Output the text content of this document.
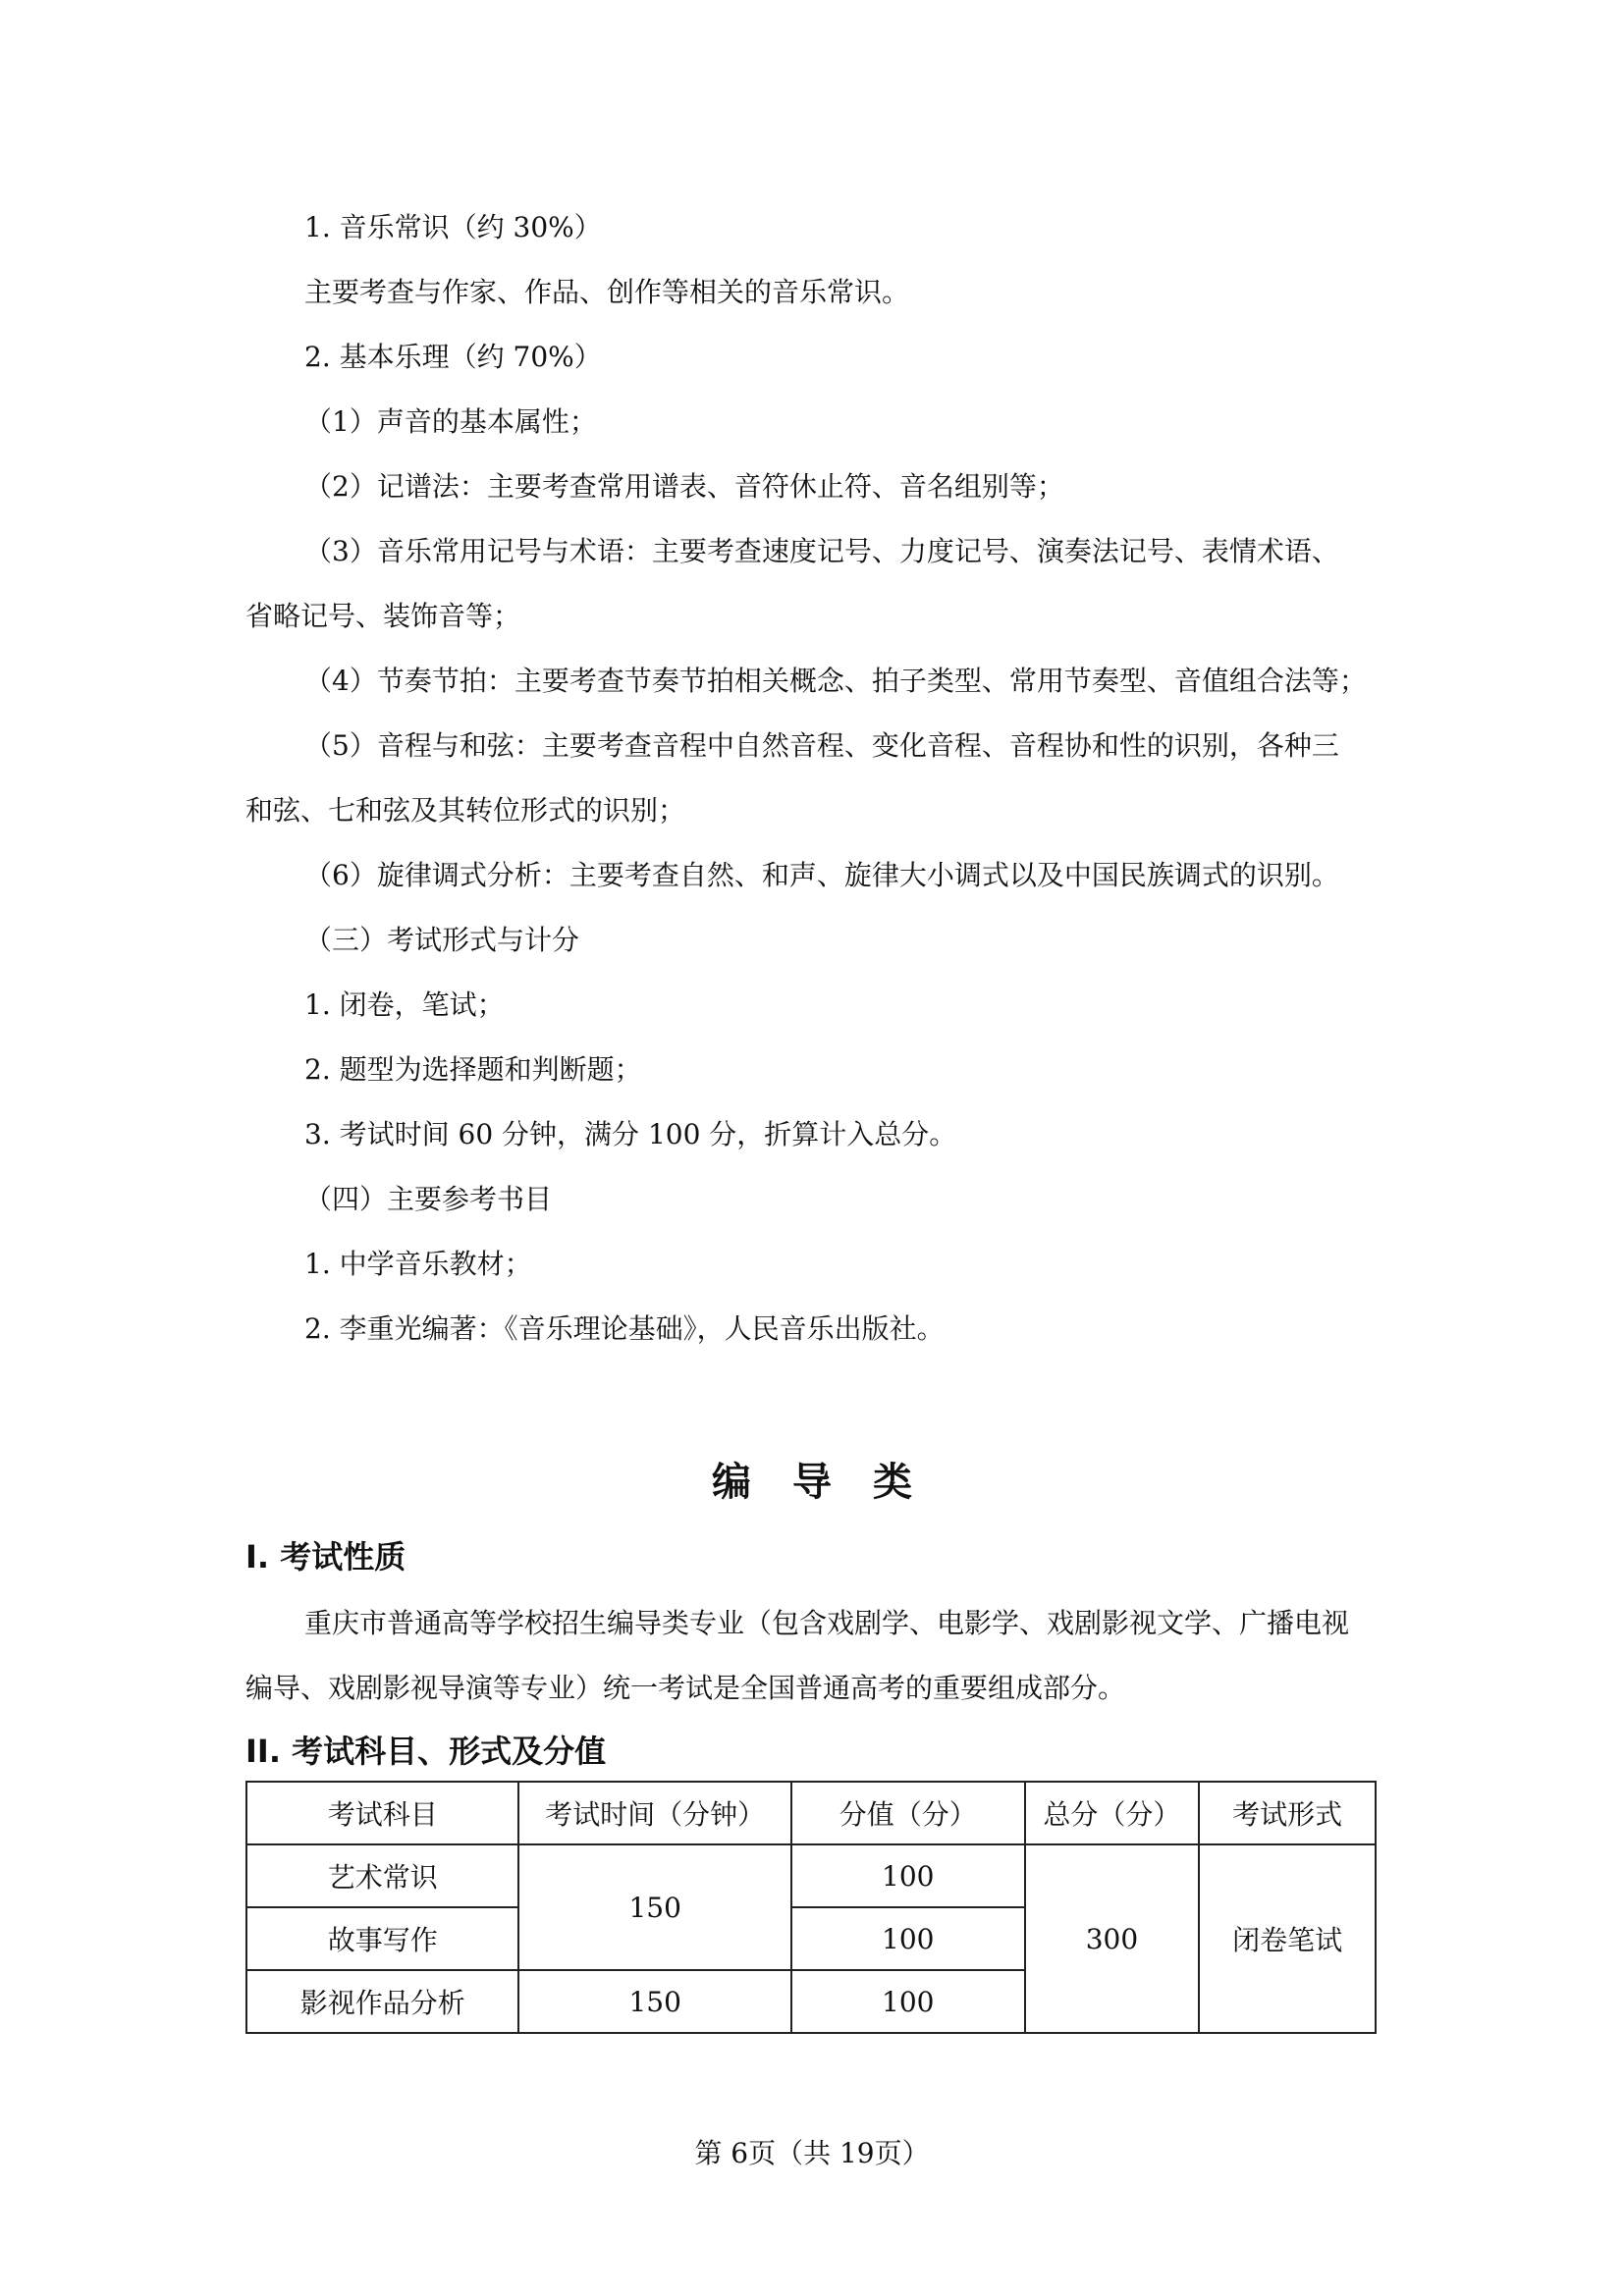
1. 音乐常识（约 30%）
主要考查与作家、作品、创作等相关的音乐常识。
2. 基本乐理（约 70%）
（1）声音的基本属性；
（2）记谱法：主要考查常用谱表、音符休止符、音名组别等；
（3）音乐常用记号与术语：主要考查速度记号、力度记号、演奏法记号、表情术语、
省略记号、装饰音等；
（4）节奏节拍：主要考查节奏节拍相关概念、拍子类型、常用节奏型、音值组合法等；
（5）音程与和弦：主要考查音程中自然音程、变化音程、音程协和性的识别，各种三
和弦、七和弦及其转位形式的识别；
（6）旋律调式分析：主要考查自然、和声、旋律大小调式以及中国民族调式的识别。
（三）考试形式与计分
1. 闭卷，笔试；
2. 题型为选择题和判断题；
3. 考试时间 60 分钟，满分 100 分，折算计入总分。
（四）主要参考书目
1. 中学音乐教材；
2. 李重光编著：《音乐理论基础》，人民音乐出版社。
编导类
I. 考试性质
重庆市普通高等学校招生编导类专业（包含戏剧学、电影学、戏剧影视文学、广播电视
编导、戏剧影视导演等专业）统一考试是全国普通高考的重要组成部分。
II. 考试科目、形式及分值
考试科目	考试时间（分钟）	分值（分）	总分（分）	考试形式
艺术常识	150	100	300	闭卷笔试
故事写作		100		
影视作品分析	150	100		
第 6页（共 19页）
